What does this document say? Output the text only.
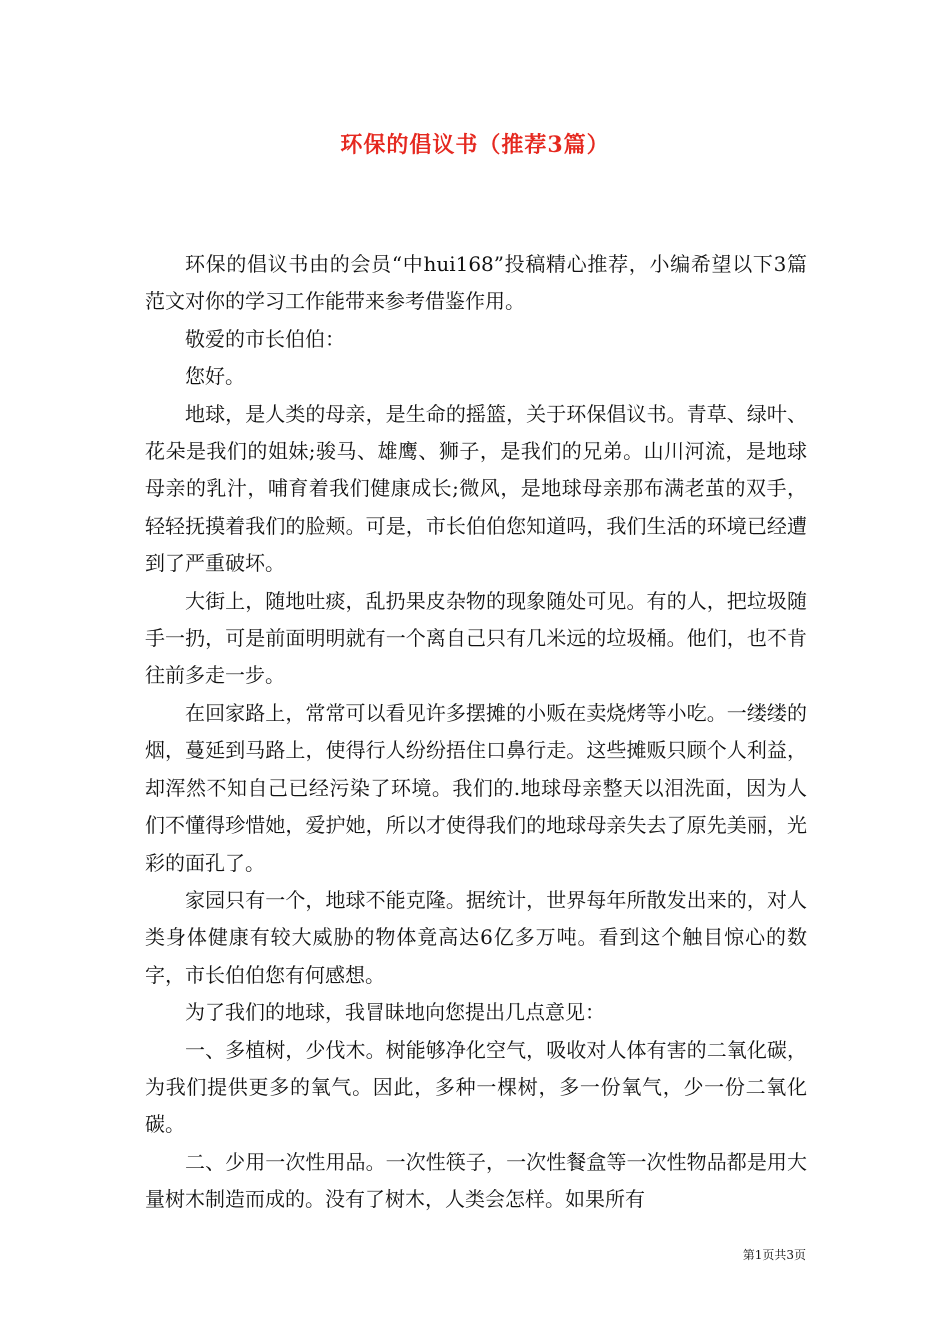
环保的倡议书（推荐3篇）

环保的倡议书由的会员“中hui168”投稿精心推荐，小编希望以下3篇范文对你的学习工作能带来参考借鉴作用。

敬爱的市长伯伯：

您好。

地球，是人类的母亲，是生命的摇篮，关于环保倡议书。青草、绿叶、花朵是我们的姐妹;骏马、雄鹰、狮子，是我们的兄弟。山川河流，是地球母亲的乳汁，哺育着我们健康成长;微风，是地球母亲那布满老茧的双手，轻轻抚摸着我们的脸颊。可是，市长伯伯您知道吗，我们生活的环境已经遭到了严重破坏。

大街上，随地吐痰，乱扔果皮杂物的现象随处可见。有的人，把垃圾随手一扔，可是前面明明就有一个离自己只有几米远的垃圾桶。他们，也不肯往前多走一步。

在回家路上，常常可以看见许多摆摊的小贩在卖烧烤等小吃。一缕缕的烟，蔓延到马路上，使得行人纷纷捂住口鼻行走。这些摊贩只顾个人利益，却浑然不知自己已经污染了环境。我们的.地球母亲整天以泪洗面，因为人们不懂得珍惜她，爱护她，所以才使得我们的地球母亲失去了原先美丽，光彩的面孔了。

家园只有一个，地球不能克隆。据统计，世界每年所散发出来的，对人类身体健康有较大威胁的物体竟高达6亿多万吨。看到这个触目惊心的数字，市长伯伯您有何感想。

为了我们的地球，我冒昧地向您提出几点意见：

一、多植树，少伐木。树能够净化空气，吸收对人体有害的二氧化碳，为我们提供更多的氧气。因此，多种一棵树，多一份氧气，少一份二氧化碳。

二、少用一次性用品。一次性筷子，一次性餐盒等一次性物品都是用大量树木制造而成的。没有了树木，人类会怎样。如果所有

第1页共3页
